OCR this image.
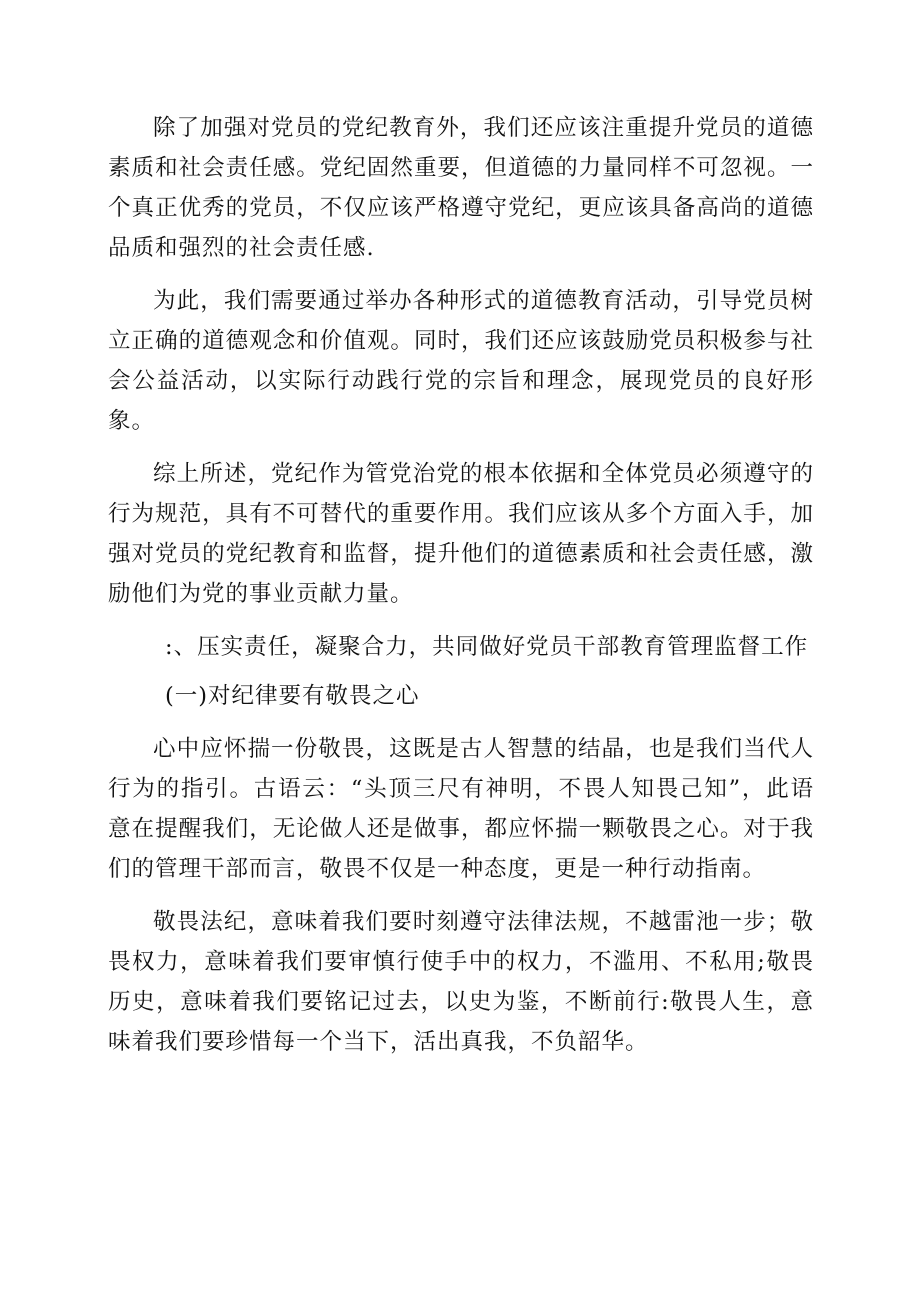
除了加强对党员的党纪教育外，我们还应该注重提升党员的道德素质和社会责任感。党纪固然重要，但道德的力量同样不可忽视。一个真正优秀的党员，不仅应该严格遵守党纪，更应该具备高尚的道德品质和强烈的社会责任感.

为此，我们需要通过举办各种形式的道德教育活动，引导党员树立正确的道德观念和价值观。同时，我们还应该鼓励党员积极参与社会公益活动，以实际行动践行党的宗旨和理念，展现党员的良好形象。

综上所述，党纪作为管党治党的根本依据和全体党员必须遵守的行为规范，具有不可替代的重要作用。我们应该从多个方面入手，加强对党员的党纪教育和监督，提升他们的道德素质和社会责任感，激励他们为党的事业贡献力量。

:、压实责任，凝聚合力，共同做好党员干部教育管理监督工作

(一)对纪律要有敬畏之心

心中应怀揣一份敬畏，这既是古人智慧的结晶，也是我们当代人行为的指引。古语云：“头顶三尺有神明，不畏人知畏己知”，此语意在提醒我们，无论做人还是做事，都应怀揣一颗敬畏之心。对于我们的管理干部而言，敬畏不仅是一种态度，更是一种行动指南。

敬畏法纪，意味着我们要时刻遵守法律法规，不越雷池一步；敬畏权力，意味着我们要审慎行使手中的权力，不滥用、不私用;敬畏历史，意味着我们要铭记过去，以史为鉴，不断前行:敬畏人生，意味着我们要珍惜每一个当下，活出真我，不负韶华。
